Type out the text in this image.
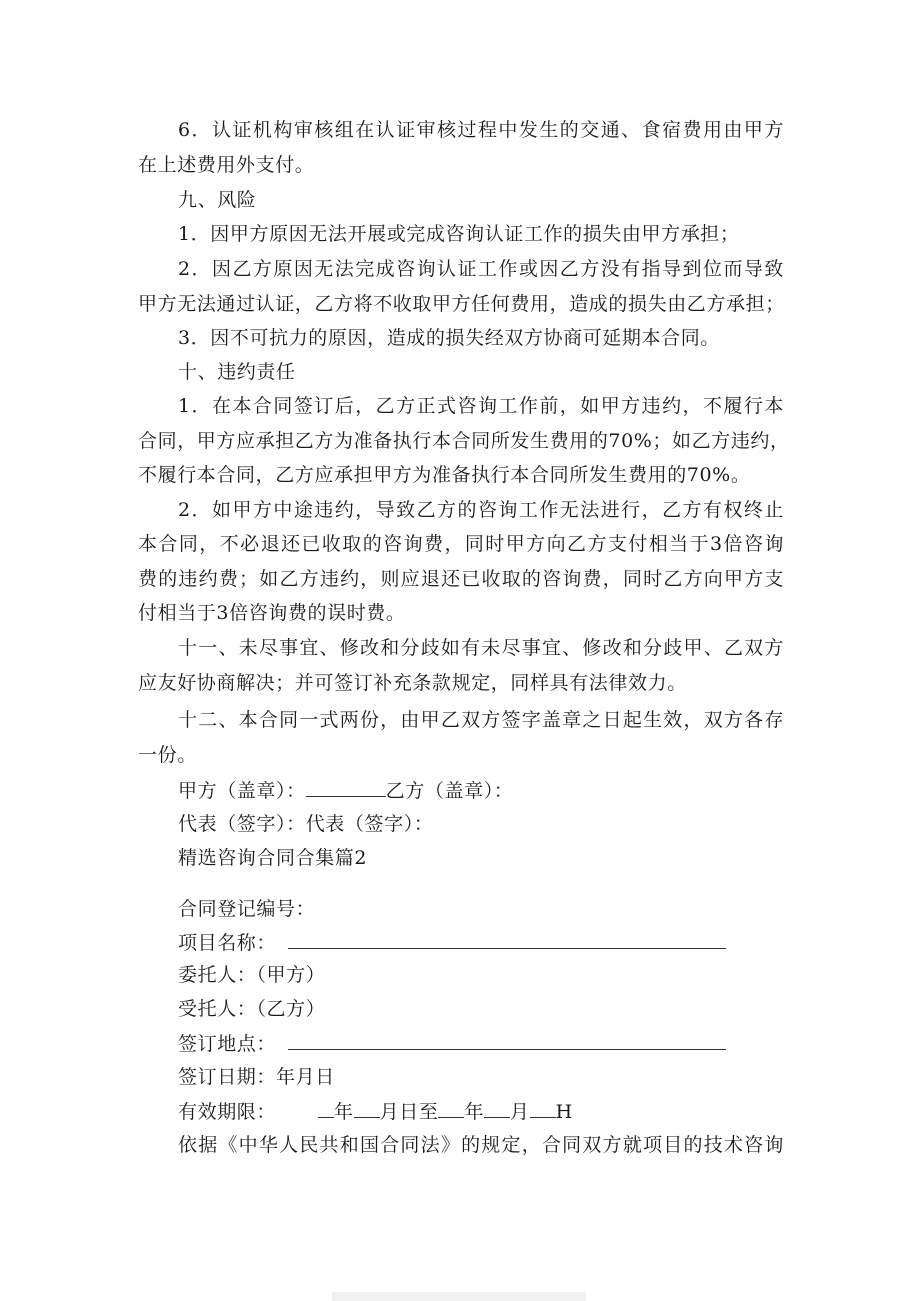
6．认证机构审核组在认证审核过程中发生的交通、食宿费用由甲方
在上述费用外支付。
九、风险
1．因甲方原因无法开展或完成咨询认证工作的损失由甲方承担；
2．因乙方原因无法完成咨询认证工作或因乙方没有指导到位而导致
甲方无法通过认证，乙方将不收取甲方任何费用，造成的损失由乙方承担；
3．因不可抗力的原因，造成的损失经双方协商可延期本合同。
十、违约责任
1．在本合同签订后，乙方正式咨询工作前，如甲方违约，不履行本
合同，甲方应承担乙方为准备执行本合同所发生费用的70%；如乙方违约，
不履行本合同，乙方应承担甲方为准备执行本合同所发生费用的70%。
2．如甲方中途违约，导致乙方的咨询工作无法进行，乙方有权终止
本合同，不必退还已收取的咨询费，同时甲方向乙方支付相当于3倍咨询
费的违约费；如乙方违约，则应退还已收取的咨询费，同时乙方向甲方支
付相当于3倍咨询费的误时费。
十一、未尽事宜、修改和分歧如有未尽事宜、修改和分歧甲、乙双方
应友好协商解决；并可签订补充条款规定，同样具有法律效力。
十二、本合同一式两份，由甲乙双方签字盖章之日起生效，双方各存
一份。
甲方（盖章）：	乙方（盖章）：
代表（签字）：代表（签字）：
精选咨询合同合集篇2
合同登记编号：
项目名称：
委托人：（甲方）
受托人：（乙方）
签订地点：
签订日期：年月日
有效期限：	年 月日至 年 月 H
依据《中华人民共和国合同法》的规定，合同双方就项目的技术咨询
